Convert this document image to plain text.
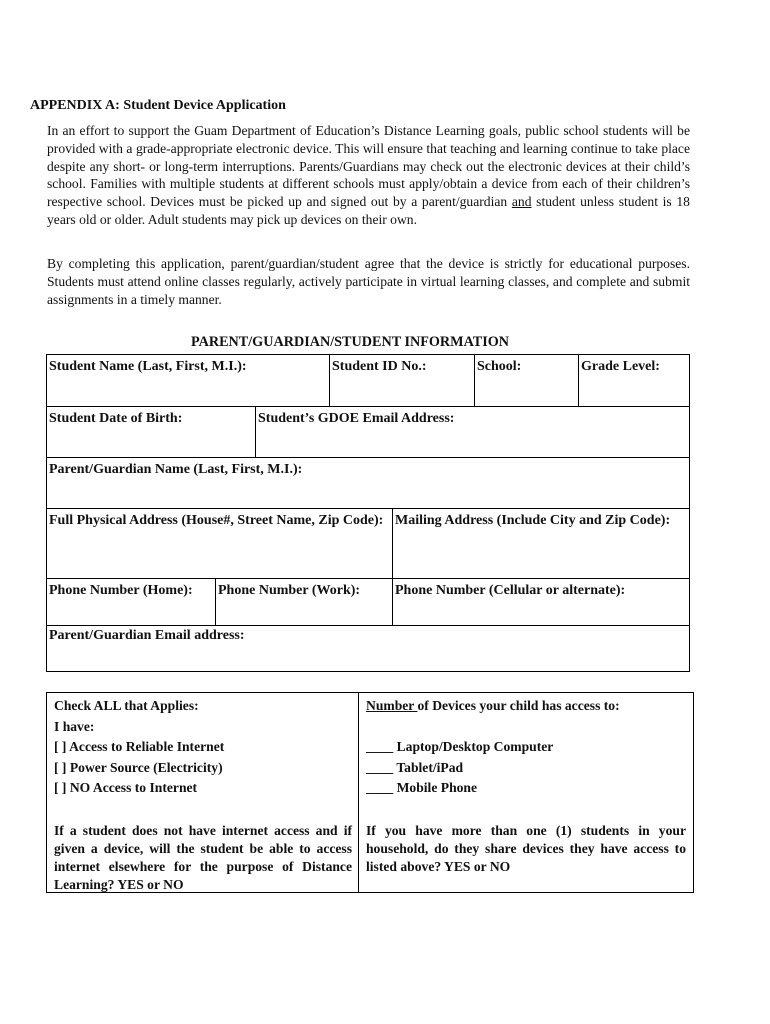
APPENDIX A: Student Device Application

In an effort to support the Guam Department of Education’s Distance Learning goals, public school students will be provided with a grade-appropriate electronic device. This will ensure that teaching and learning continue to take place despite any short- or long-term interruptions. Parents/Guardians may check out the electronic devices at their child’s school. Families with multiple students at different schools must apply/obtain a device from each of their children’s respective school. Devices must be picked up and signed out by a parent/guardian and student unless student is 18 years old or older. Adult students may pick up devices on their own.

By completing this application, parent/guardian/student agree that the device is strictly for educational purposes. Students must attend online classes regularly, actively participate in virtual learning classes, and complete and submit assignments in a timely manner.

PARENT/GUARDIAN/STUDENT INFORMATION
Student Name (Last, First, M.I.):	Student ID No.:	School:	Grade Level:
Student Date of Birth:	Student’s GDOE Email Address:
Parent/Guardian Name (Last, First, M.I.):
Full Physical Address (House#, Street Name, Zip Code): Mailing Address (Include City and Zip Code):
Phone Number (Home):	Phone Number (Work):	Phone Number (Cellular or alternate):
Parent/Guardian Email address:

Check ALL that Applies:

I have:

[ ] Access to Reliable Internet

[ ] Power Source (Electricity)

[ ] NO Access to Internet

If a student does not have internet access and if given a device, will the student be able to access internet elsewhere for the purpose of Distance Learning? YES or NO

Number of Devices your child has access to:

____ Laptop/Desktop Computer

____ Tablet/iPad

____ Mobile Phone

If you have more than one (1) students in your household, do they share devices they have access to listed above? YES or NO
